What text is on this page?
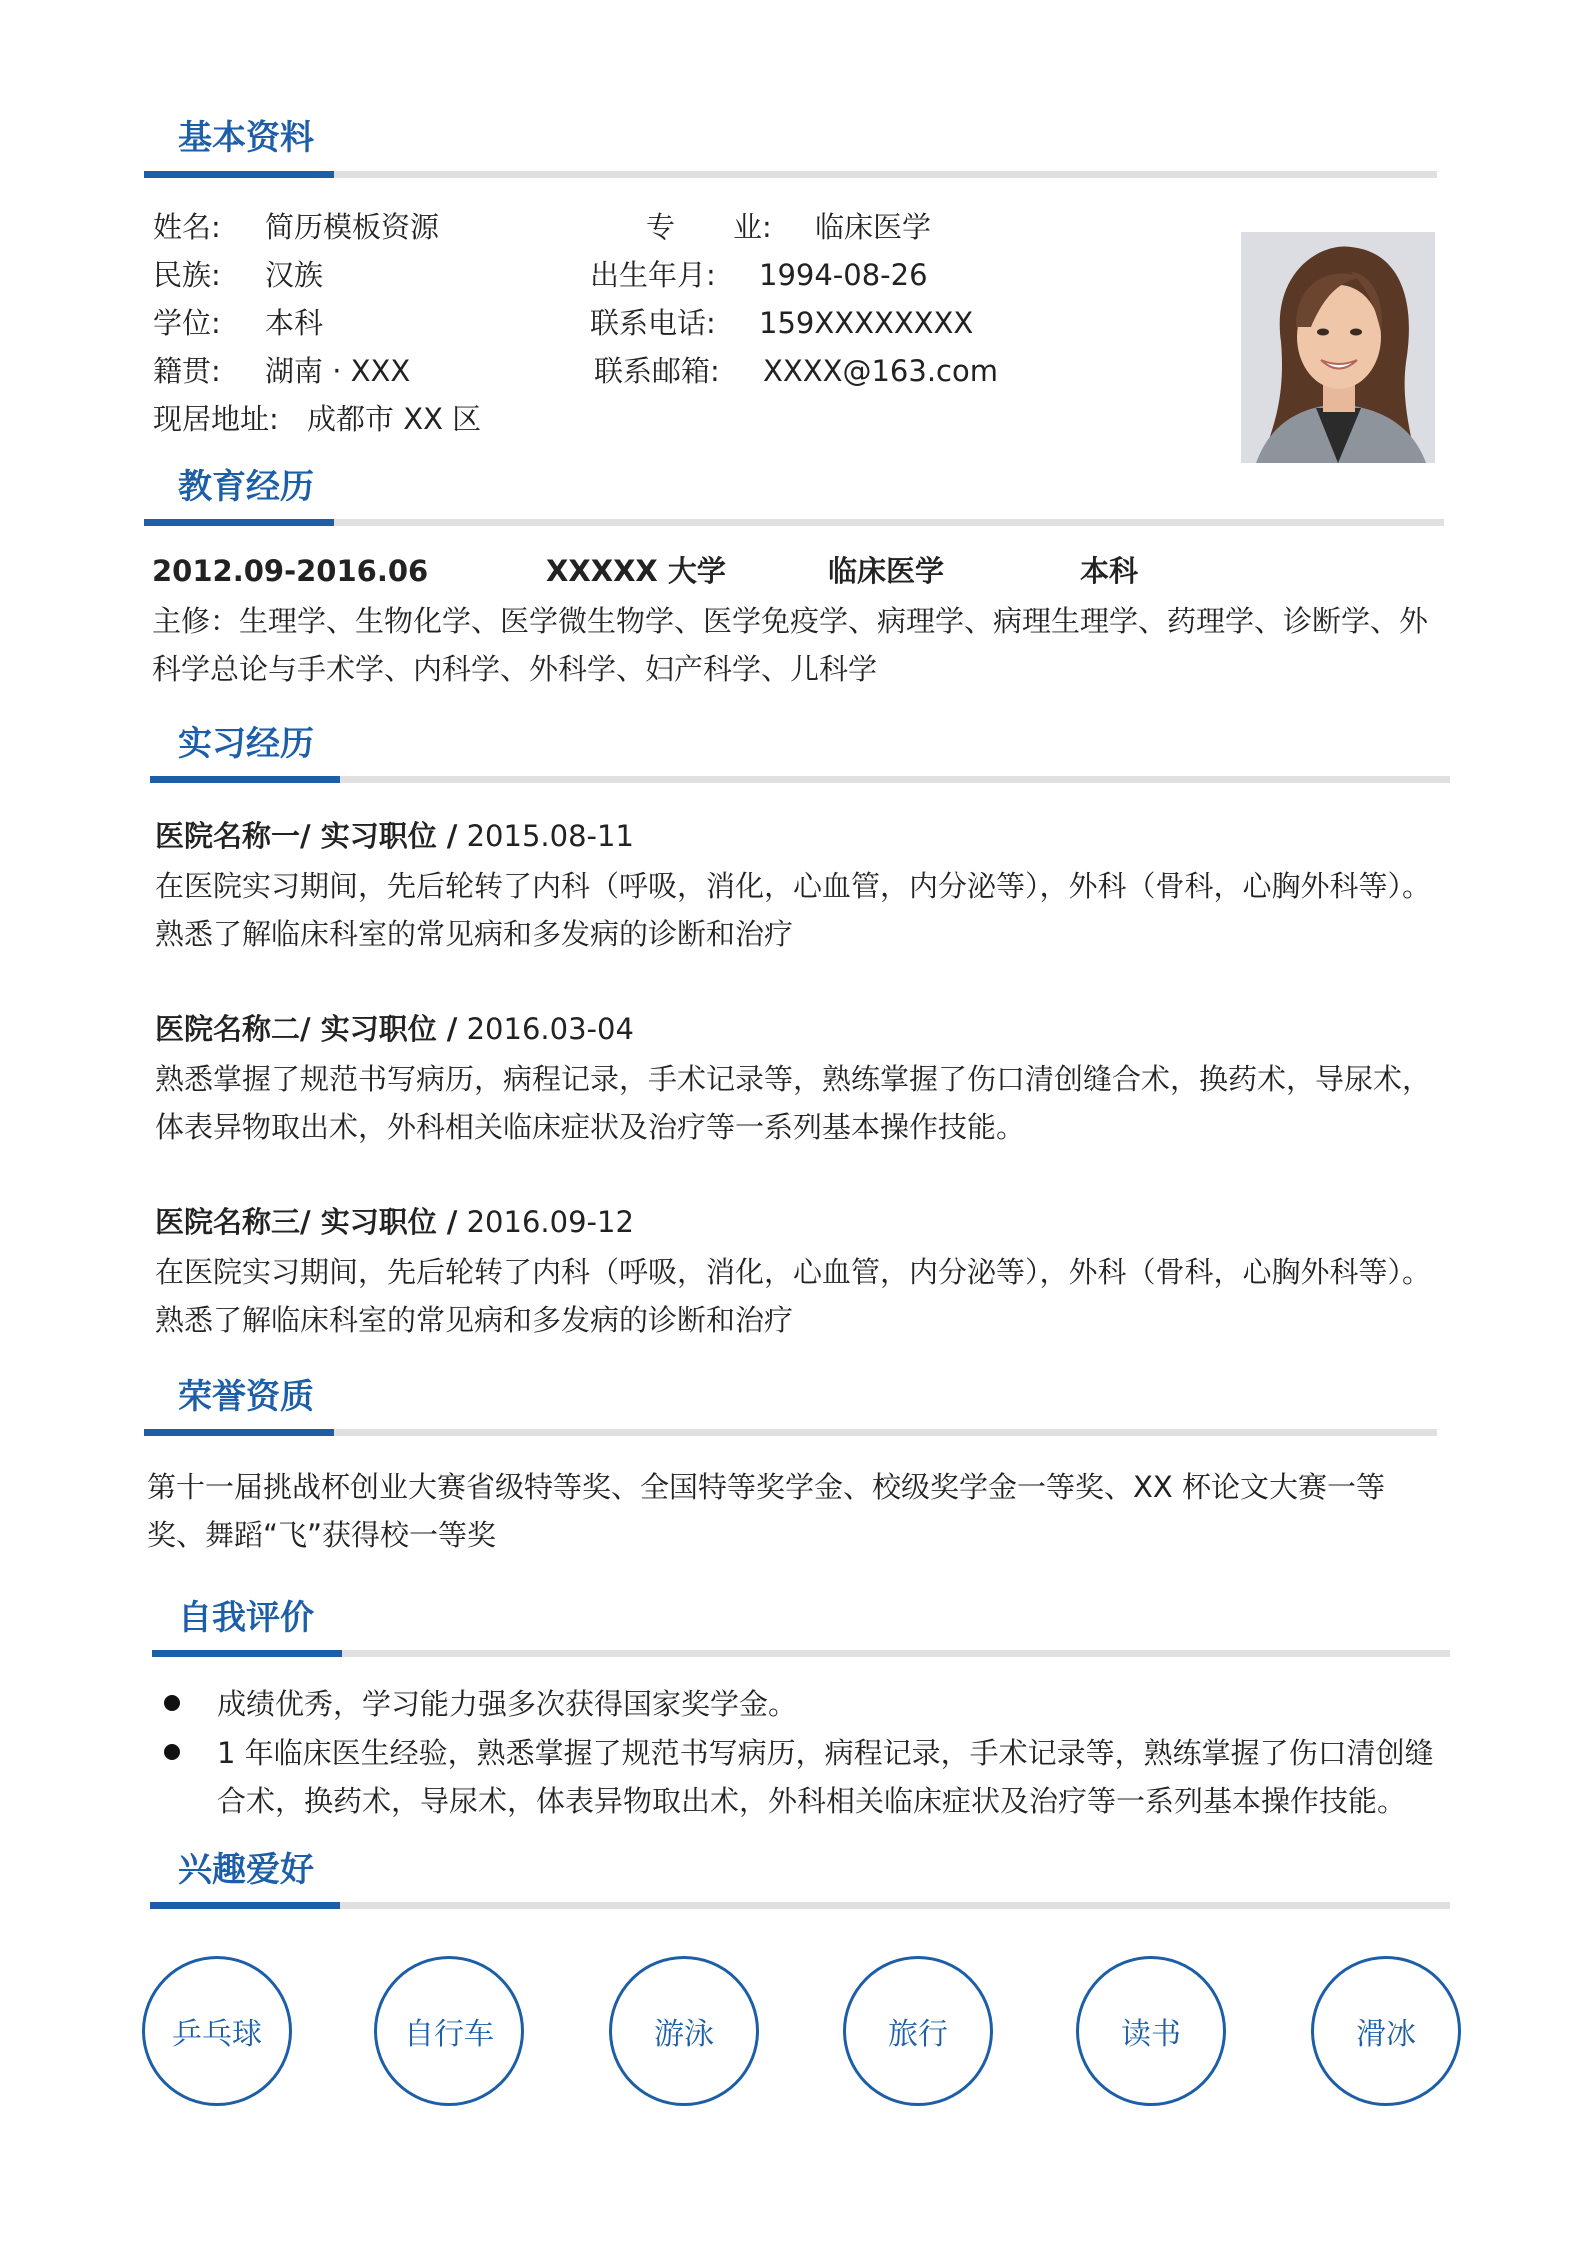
基本资料
姓名: 简历模板资源	专　　业: 临床医学
民族: 汉族	出生年月: 1994-08-26
学位: 本科	联系电话: 159XXXXXXXX
籍贯: 湖南 · XXX	联系邮箱: XXXX@163.com
现居地址: 成都市 XX 区
教育经历
2012.09-2016.06	XXXXX 大学	临床医学	本科
主修：生理学、生物化学、医学微生物学、医学免疫学、病理学、病理生理学、药理学、诊断学、外科学总论与手术学、内科学、外科学、妇产科学、儿科学
实习经历
医院名称一/ 实习职位 / 2015.08-11
在医院实习期间，先后轮转了内科（呼吸，消化，心血管，内分泌等），外科（骨科，心胸外科等）。熟悉了解临床科室的常见病和多发病的诊断和治疗
医院名称二/ 实习职位 / 2016.03-04
熟悉掌握了规范书写病历，病程记录，手术记录等，熟练掌握了伤口清创缝合术，换药术，导尿术，体表异物取出术，外科相关临床症状及治疗等一系列基本操作技能。
医院名称三/ 实习职位 / 2016.09-12
在医院实习期间，先后轮转了内科（呼吸，消化，心血管，内分泌等），外科（骨科，心胸外科等）。熟悉了解临床科室的常见病和多发病的诊断和治疗
荣誉资质
第十一届挑战杯创业大赛省级特等奖、全国特等奖学金、校级奖学金一等奖、XX 杯论文大赛一等奖、舞蹈“飞”获得校一等奖
自我评价
成绩优秀，学习能力强多次获得国家奖学金。
1 年临床医生经验，熟悉掌握了规范书写病历，病程记录，手术记录等，熟练掌握了伤口清创缝合术，换药术，导尿术，体表异物取出术，外科相关临床症状及治疗等一系列基本操作技能。
兴趣爱好
乒乓球	自行车	游泳	旅行	读书	滑冰
